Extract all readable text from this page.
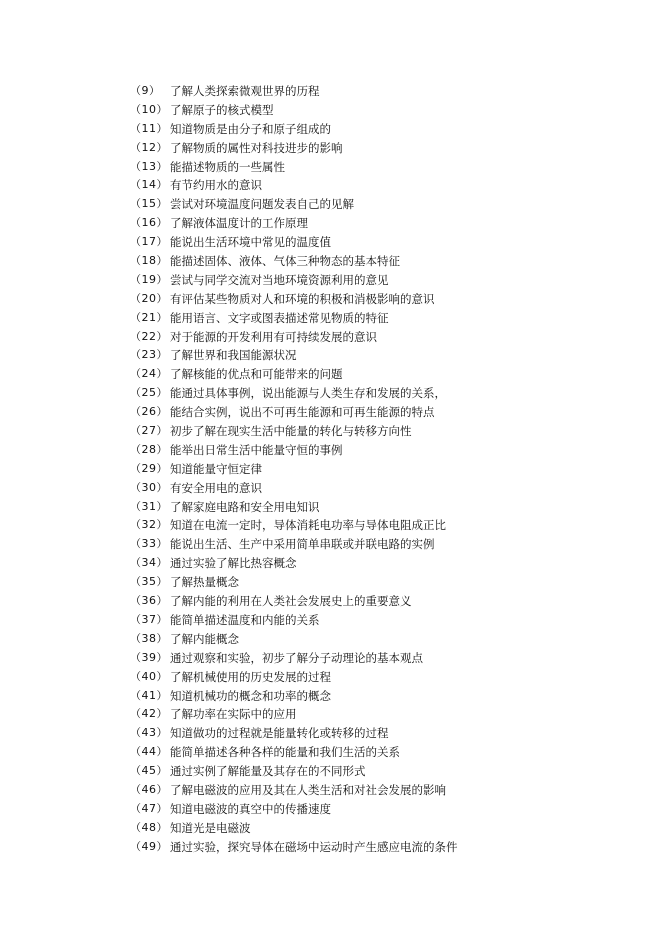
（9） 了解人类探索微观世界的历程
（10） 了解原子的核式模型
（11） 知道物质是由分子和原子组成的
（12） 了解物质的属性对科技进步的影响
（13） 能描述物质的一些属性
（14） 有节约用水的意识
（15） 尝试对环境温度问题发表自己的见解
（16） 了解液体温度计的工作原理
（17） 能说出生活环境中常见的温度值
（18） 能描述固体、液体、气体三种物态的基本特征
（19） 尝试与同学交流对当地环境资源利用的意见
（20） 有评估某些物质对人和环境的积极和消极影响的意识
（21） 能用语言、文字或图表描述常见物质的特征
（22） 对于能源的开发利用有可持续发展的意识
（23） 了解世界和我国能源状况
（24） 了解核能的优点和可能带来的问题
（25） 能通过具体事例，说出能源与人类生存和发展的关系，
（26） 能结合实例，说出不可再生能源和可再生能源的特点
（27） 初步了解在现实生活中能量的转化与转移方向性
（28） 能举出日常生活中能量守恒的事例
（29） 知道能量守恒定律
（30） 有安全用电的意识
（31） 了解家庭电路和安全用电知识
（32） 知道在电流一定时，导体消耗电功率与导体电阻成正比
（33） 能说出生活、生产中采用简单串联或并联电路的实例
（34） 通过实验了解比热容概念
（35） 了解热量概念
（36） 了解内能的利用在人类社会发展史上的重要意义
（37） 能简单描述温度和内能的关系
（38） 了解内能概念
（39） 通过观察和实验，初步了解分子动理论的基本观点
（40） 了解机械使用的历史发展的过程
（41） 知道机械功的概念和功率的概念
（42） 了解功率在实际中的应用
（43） 知道做功的过程就是能量转化或转移的过程
（44） 能简单描述各种各样的能量和我们生活的关系
（45） 通过实例了解能量及其存在的不同形式
（46） 了解电磁波的应用及其在人类生活和对社会发展的影响
（47） 知道电磁波的真空中的传播速度
（48） 知道光是电磁波
（49） 通过实验，探究导体在磁场中运动时产生感应电流的条件
